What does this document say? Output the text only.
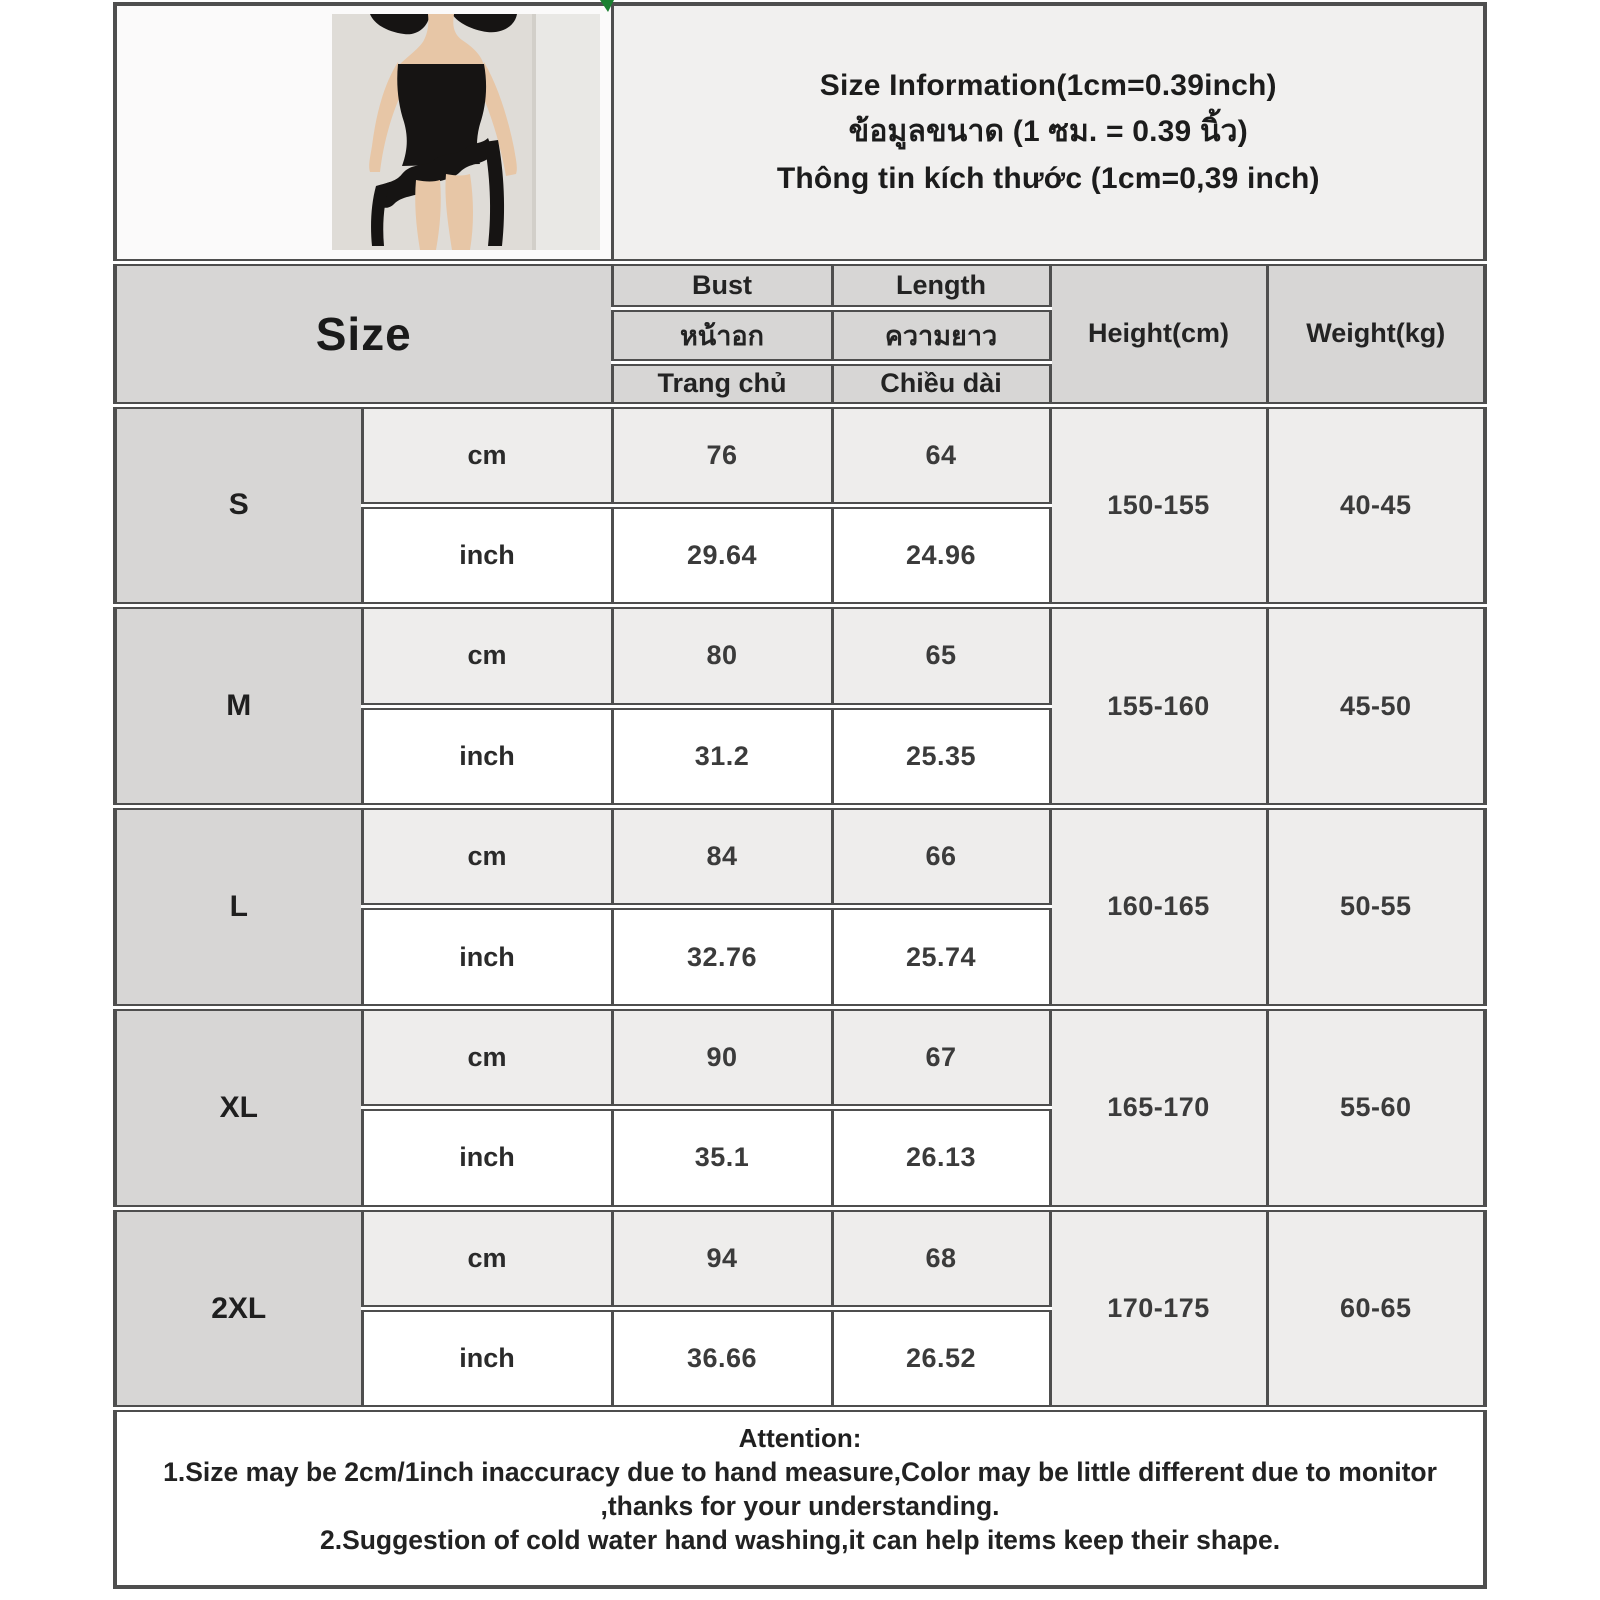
Size Information(1cm=0.39inch)
ข้อมูลขนาด (1 ซม. = 0.39 นิ้ว)
Thông tin kích thước (1cm=0,39 inch)			

Size		Bust	Length	Height(cm)	Weight(kg)
		หน้าอก	ความยาว		
		Trang chủ	Chiều dài		
S	cm	76	64	150-155	40-45
	inch	29.64	24.96		
M	cm	80	65	155-160	45-50
	inch	31.2	25.35		
L	cm	84	66	160-165	50-55
	inch	32.76	25.74		
XL	cm	90	67	165-170	55-60
	inch	35.1	26.13		
2XL	cm	94	68	170-175	60-65
	inch	36.66	26.52		

Attention:
1.Size may be 2cm/1inch inaccuracy due to hand measure,Color may be little different due to monitor ,thanks for your understanding.
2.Suggestion of cold water hand washing,it can help items keep their shape.					
